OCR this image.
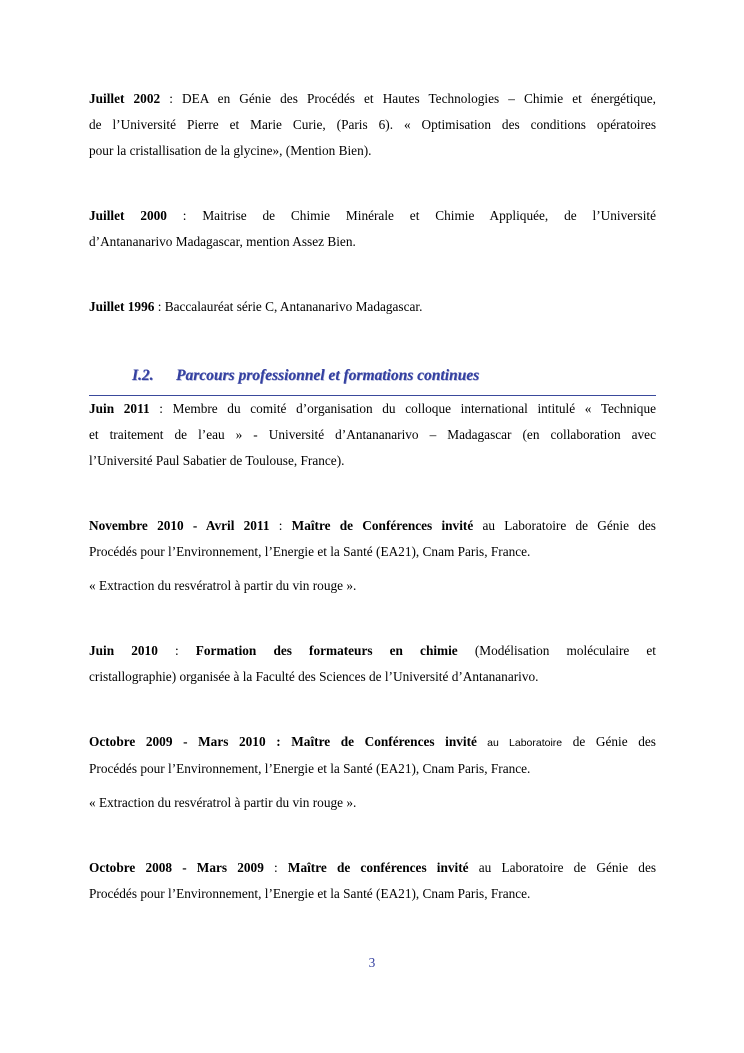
Juillet 2002 : DEA en Génie des Procédés et Hautes Technologies – Chimie et énergétique,

de l’Université Pierre et Marie Curie, (Paris 6). « Optimisation des conditions opératoires

pour la cristallisation de la glycine», (Mention Bien).

Juillet 2000 : Maitrise de Chimie Minérale et Chimie Appliquée, de l’Université

d’Antananarivo Madagascar, mention Assez Bien.

Juillet 1996 : Baccalauréat série C, Antananarivo Madagascar.

I.2. Parcours professionnel et formations continues

Juin 2011 : Membre du comité d’organisation du colloque international intitulé « Technique

et traitement de l’eau » - Université d’Antananarivo – Madagascar (en collaboration avec

l’Université Paul Sabatier de Toulouse, France).

Novembre 2010 - Avril 2011 : Maître de Conférences invité au Laboratoire de Génie des

Procédés pour l’Environnement, l’Energie et la Santé (EA21), Cnam Paris, France.

« Extraction du resvératrol à partir du vin rouge ».

Juin 2010 : Formation des formateurs en chimie (Modélisation moléculaire et

cristallographie) organisée à la Faculté des Sciences de l’Université d’Antananarivo.

Octobre 2009 - Mars 2010 : Maître de Conférences invité au Laboratoire de Génie des

Procédés pour l’Environnement, l’Energie et la Santé (EA21), Cnam Paris, France.

« Extraction du resvératrol à partir du vin rouge ».

Octobre 2008 - Mars 2009 : Maître de conférences invité au Laboratoire de Génie des

Procédés pour l’Environnement, l’Energie et la Santé (EA21), Cnam Paris, France.

3
